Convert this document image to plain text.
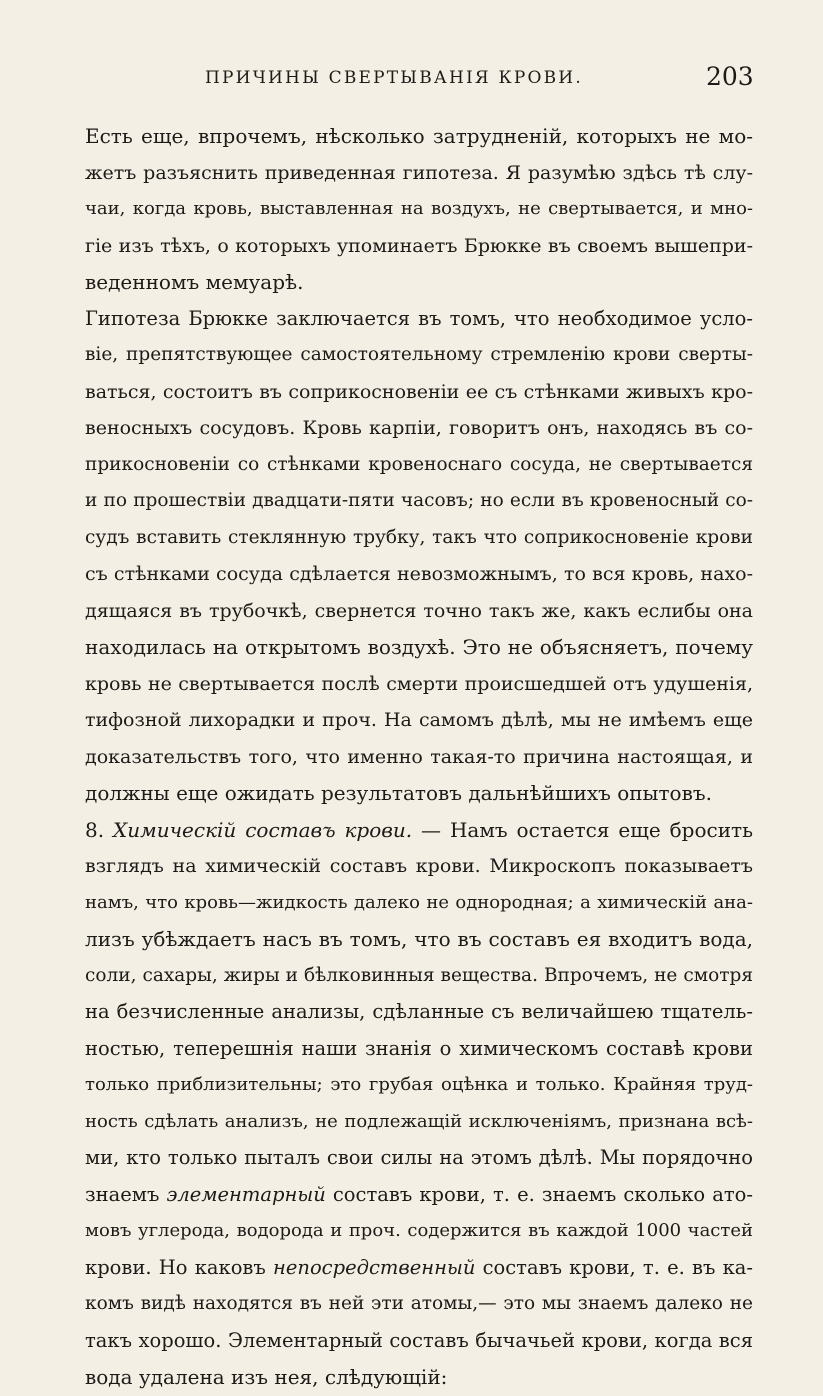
ПРИЧИНЫ СВЕРТЫВАНІЯ КРОВИ.	203
Есть еще, впрочемъ, нѣсколько затрудненій, которыхъ не мо-
жетъ разъяснить приведенная гипотеза. Я разумѣю здѣсь тѣ слу-
чаи, когда кровь, выставленная на воздухъ, не свертывается, и мно-
гіе изъ тѣхъ, о которыхъ упоминаетъ Брюкке въ своемъ вышепри-
веденномъ мемуарѣ.
Гипотеза Брюкке заключается въ томъ, что необходимое усло-
віе, препятствующее самостоятельному стремленію крови сверты-
ваться, состоитъ въ соприкосновеніи ее съ стѣнками живыхъ кро-
веносныхъ сосудовъ. Кровь карпіи, говоритъ онъ, находясь въ со-
прикосновеніи со стѣнками кровеноснаго сосуда, не свертывается
и по прошествіи двадцати-пяти часовъ; но если въ кровеносный со-
судъ вставить стеклянную трубку, такъ что соприкосновеніе крови
съ стѣнками сосуда сдѣлается невозможнымъ, то вся кровь, нахо-
дящаяся въ трубочкѣ, свернется точно такъ же, какъ еслибы она
находилась на открытомъ воздухѣ. Это не объясняетъ, почему
кровь не свертывается послѣ смерти происшедшей отъ удушенія,
тифозной лихорадки и проч. На самомъ дѣлѣ, мы не имѣемъ еще
доказательствъ того, что именно такая-то причина настоящая, и
должны еще ожидать результатовъ дальнѣйшихъ опытовъ.
8. Химическій составъ крови. — Намъ остается еще бросить
взглядъ на химическій составъ крови. Микроскопъ показываетъ
намъ, что кровь—жидкость далеко не однородная; а химическій ана-
лизъ убѣждаетъ насъ въ томъ, что въ составъ ея входитъ вода,
соли, сахары, жиры и бѣлковинныя вещества. Впрочемъ, не смотря
на безчисленные анализы, сдѣланные съ величайшею тщатель-
ностью, теперешнія наши знанія о химическомъ составѣ крови
только приблизительны; это грубая оцѣнка и только. Крайняя труд-
ность сдѣлать анализъ, не подлежащій исключеніямъ, признана всѣ-
ми, кто только пыталъ свои силы на этомъ дѣлѣ. Мы порядочно
знаемъ элементарный составъ крови, т. е. знаемъ сколько ато-
мовъ углерода, водорода и проч. содержится въ каждой 1000 частей
крови. Но каковъ непосредственный составъ крови, т. е. въ ка-
комъ видѣ находятся въ ней эти атомы,— это мы знаемъ далеко не
такъ хорошо. Элементарный составъ бычачьей крови, когда вся
вода удалена изъ нея, слѣдующій:
